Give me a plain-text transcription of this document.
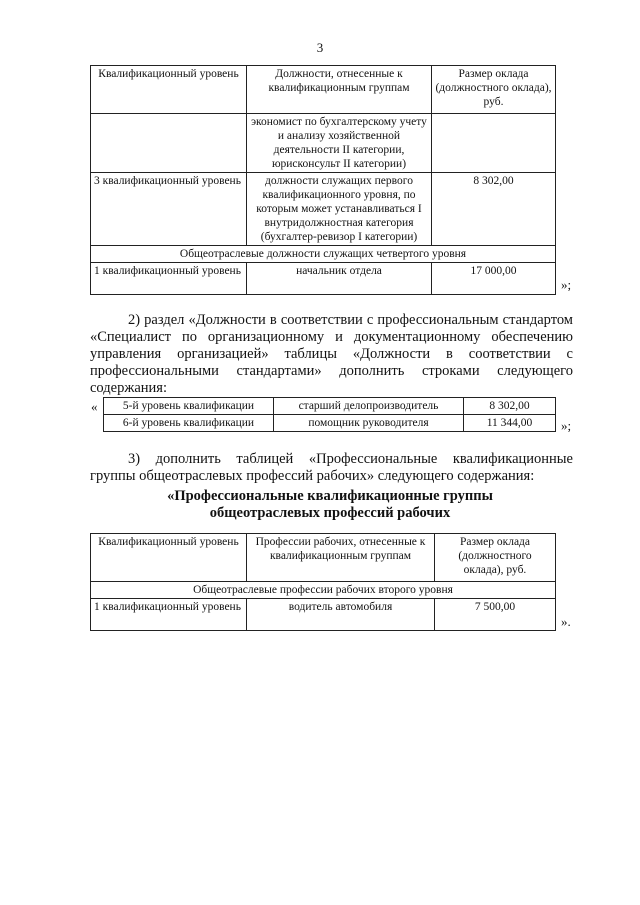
3
Квалификационный уровень	Должности, отнесенные к квалификационным группам	Размер оклада (должностного оклада), руб.
	экономист по бухгалтерскому учету и анализу хозяйственной деятельности II категории, юрисконсульт II категории)	
3 квалификационный уровень	должности служащих первого квалификационного уровня, по которым может устанавливаться I внутридолжностная категория (бухгалтер-ревизор I категории)	8 302,00
Общеотраслевые должности служащих четвертого уровня		
1 квалификационный уровень	начальник отдела	17 000,00
»;
2) раздел «Должности в соответствии с профессиональным стандартом «Специалист по организационному и документационному обеспечению управления организацией» таблицы «Должности в соответствии с профессиональными стандартами» дополнить строками следующего содержания:
« 5-й уровень квалификации	старший делопроизводитель	8 302,00
6-й уровень квалификации	помощник руководителя	11 344,00 »;
3) дополнить таблицей «Профессиональные квалификационные группы общеотраслевых профессий рабочих» следующего содержания:
«Профессиональные квалификационные группы
общеотраслевых профессий рабочих
Квалификационный уровень	Профессии рабочих, отнесенные к квалификационным группам	Размер оклада (должностного оклада), руб.
Общеотраслевые профессии рабочих второго уровня		
1 квалификационный уровень	водитель автомобиля	7 500,00
».
